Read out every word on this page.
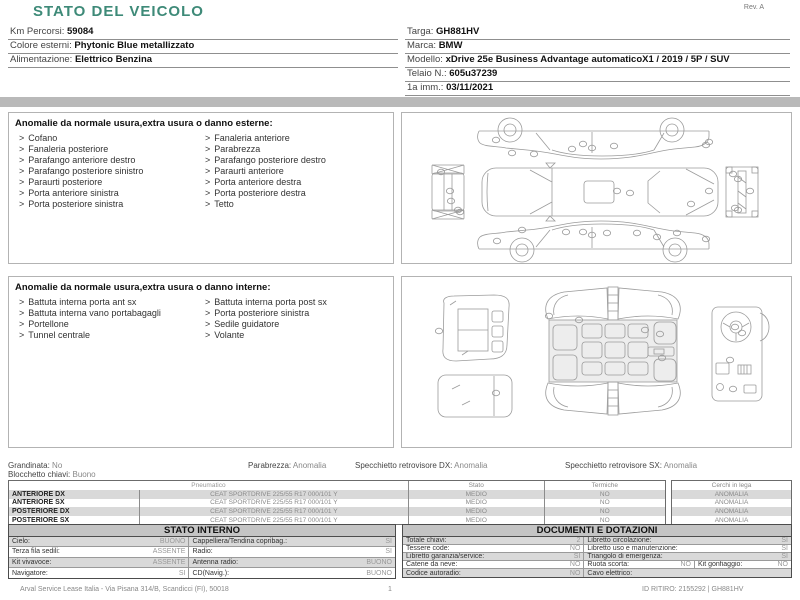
STATO DEL VEICOLO	Rev. A
Km Percorsi: 59084
Colore esterni: Phytonic Blue metallizzato
Alimentazione: Elettrico Benzina
Targa: GH881HV
Marca: BMW
Modello: xDrive 25e Business Advantage automaticoX1 / 2019 / 5P / SUV
Telaio N.: 605u37239
1a imm.: 03/11/2021
Anomalie da normale usura,extra usura o danno esterne:
> Cofano
> Fanaleria posteriore
> Parafango anteriore destro
> Parafango posteriore sinistro
> Paraurti posteriore
> Porta anteriore sinistra
> Porta posteriore sinistra
> Fanaleria anteriore
> Parabrezza
> Parafango posteriore destro
> Paraurti anteriore
> Porta anteriore destra
> Porta posteriore destra
> Tetto
Anomalie da normale usura,extra usura o danno interne:
> Battuta interna porta ant sx
> Battuta interna vano portabagagli
> Portellone
> Tunnel centrale
> Battuta interna porta post sx
> Porta posteriore sinistra
> Sedile guidatore
> Volante
Grandinata: No
Blocchetto chiavi: Buono
Parabrezza: Anomalia	Specchietto retrovisore DX: Anomalia	Specchietto retrovisore SX: Anomalia
Pneumatico	Stato	Termiche
ANTERIORE DX	CEAT SPORTDRIVE 225/55 R17 000/101 Y	MEDIO	NO
ANTERIORE SX	CEAT SPORTDRIVE 225/55 R17 000/101 Y	MEDIO	NO
POSTERIORE DX	CEAT SPORTDRIVE 225/55 R17 000/101 Y	MEDIO	NO
POSTERIORE SX	CEAT SPORTDRIVE 225/55 R17 000/101 Y	MEDIO	NO
Cerchi in lega
ANOMALIA
ANOMALIA
ANOMALIA
ANOMALIA
STATO INTERNO
Cielo:	BUONO Cappelliera/Tendina copribag.:	SI
Terza fila sedili:	ASSENTE Radio:	SI
Kit vivavoce:	ASSENTE Antenna radio:	BUONO
Navigatore:	SI CD(Navig.):	BUONO
DOCUMENTI E DOTAZIONI
Totale chiavi:	2 Libretto circolazione:	SI
Tessere code:	NO Libretto uso e manutenzione:	SI
Libretto garanzia/service:	SI Triangolo di emergenza:	SI
Catene da neve:	NO Ruota scorta:	NO Kit gonfiaggio:	NO
Codice autoradio:	NO Cavo elettrico:
Arval Service Lease Italia - Via Pisana 314/B, Scandicci (FI), 50018	1	ID RITIRO: 2155292 | GH881HV
